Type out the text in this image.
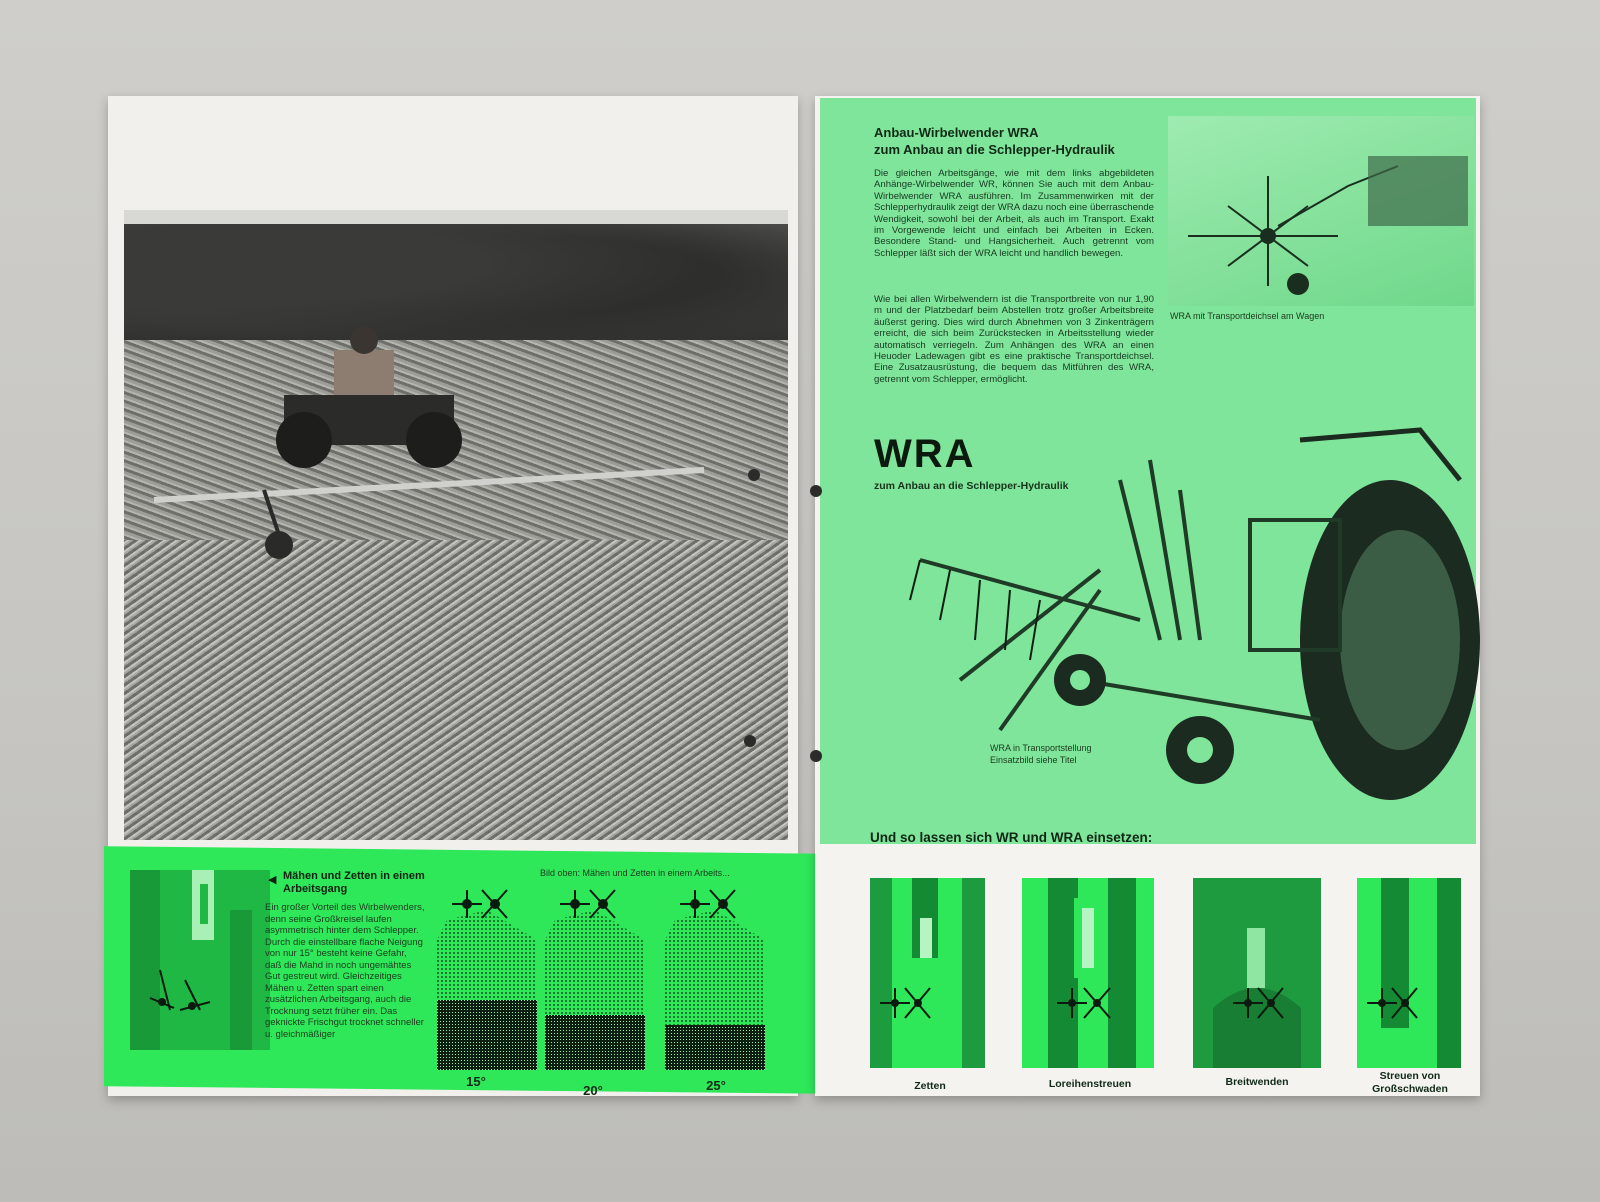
◀ Mähen und Zetten in einem Arbeitsgang
Ein großer Vorteil des Wirbelwenders, denn seine Großkreisel laufen asymmetrisch hinter dem Schlepper. Durch die einstellbare flache Neigung von nur 15° besteht keine Gefahr, daß die Mahd in noch ungemähtes Gut gestreut wird. Gleichzeitiges Mähen u. Zetten spart einen zusätzlichen Arbeitsgang, auch die Trocknung setzt früher ein. Das geknickte Frischgut trocknet schneller u. gleichmäßiger
Bild oben: Mähen und Zetten in einem Arbeits...
15°
20°	25°
Anbau-Wirbelwender WRA
zum Anbau an die Schlepper-Hydraulik
Die gleichen Arbeitsgänge, wie mit dem links abgebildeten Anhänge-Wirbelwender WR, können Sie auch mit dem Anbau-Wirbelwender WRA ausführen. Im Zusammenwirken mit der Schlepperhydraulik zeigt der WRA dazu noch eine überraschende Wendigkeit, sowohl bei der Arbeit, als auch im Transport. Exakt im Vorgewende leicht und einfach bei Arbeiten in Ecken. Besondere Stand- und Hangsicherheit. Auch getrennt vom Schlepper läßt sich der WRA leicht und handlich bewegen.
Wie bei allen Wirbelwendern ist die Transportbreite von nur 1,90 m und der Platzbedarf beim Abstellen trotz großer Arbeitsbreite äußerst gering. Dies wird durch Abnehmen von 3 Zinkenträgern erreicht, die sich beim Zurückstecken in Arbeitsstellung wieder automatisch verriegeln. Zum Anhängen des WRA an einen Heuoder Ladewagen gibt es eine praktische Transportdeichsel. Eine Zusatzausrüstung, die bequem das Mitführen des WRA, getrennt vom Schlepper, ermöglicht.
WRA mit Transportdeichsel am Wagen
WRA
zum Anbau an die Schlepper-Hydraulik
WRA in Transportstellung
Einsatzbild siehe Titel
Und so lassen sich WR und WRA einsetzen:
Zetten	Loreihenstreuen	Breitwenden	Streuen von
Großschwaden
